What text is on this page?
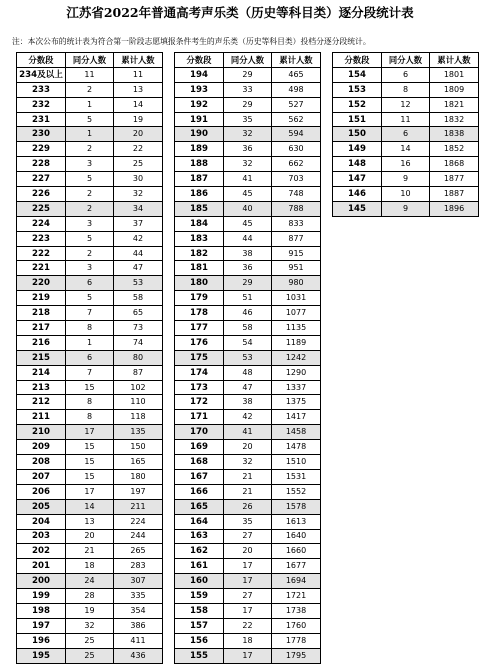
江苏省2022年普通高考声乐类（历史等科目类）逐分段统计表
注：本次公布的统计表为符合第一阶段志愿填报条件考生的声乐类（历史等科目类）投档分逐分段统计。
分数段	同分人数	累计人数
234及以上	11	11
233	2	13
232	1	14
231	5	19
230	1	20
229	2	22
228	3	25
227	5	30
226	2	32
225	2	34
224	3	37
223	5	42
222	2	44
221	3	47
220	6	53
219	5	58
218	7	65
217	8	73
216	1	74
215	6	80
214	7	87
213	15	102
212	8	110
211	8	118
210	17	135
209	15	150
208	15	165
207	15	180
206	17	197
205	14	211
204	13	224
203	20	244
202	21	265
201	18	283
200	24	307
199	28	335
198	19	354
197	32	386
196	25	411
195	25	436
分数段	同分人数	累计人数
194	29	465
193	33	498
192	29	527
191	35	562
190	32	594
189	36	630
188	32	662
187	41	703
186	45	748
185	40	788
184	45	833
183	44	877
182	38	915
181	36	951
180	29	980
179	51	1031
178	46	1077
177	58	1135
176	54	1189
175	53	1242
174	48	1290
173	47	1337
172	38	1375
171	42	1417
170	41	1458
169	20	1478
168	32	1510
167	21	1531
166	21	1552
165	26	1578
164	35	1613
163	27	1640
162	20	1660
161	17	1677
160	17	1694
159	27	1721
158	17	1738
157	22	1760
156	18	1778
155	17	1795
分数段	同分人数	累计人数
154	6	1801
153	8	1809
152	12	1821
151	11	1832
150	6	1838
149	14	1852
148	16	1868
147	9	1877
146	10	1887
145	9	1896
